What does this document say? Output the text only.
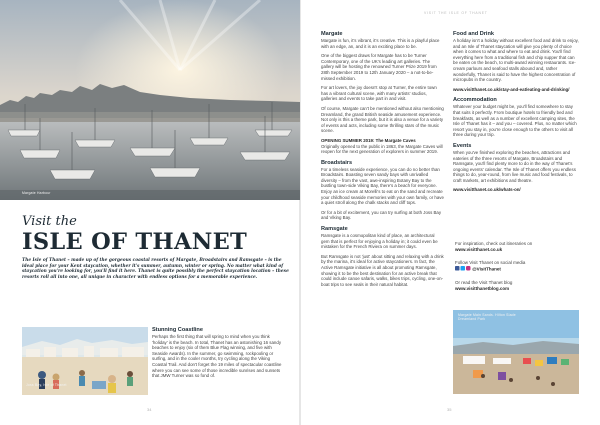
Margate Harbour
Visit the
ISLE OF THANET
The Isle of Thanet – made up of the gorgeous coastal resorts of Margate, Broadstairs and Ramsgate – is the ideal place for your Kent staycation, whether it's summer, autumn, winter or spring. No matter what kind of staycation you're looking for, you'll find it here. Thanet is quite possibly the perfect staycation location – these resorts roll all into one, all unique in character with endless options for a memorable experience.
Joss Bay, Isle of Thanet
Stunning Coastline
Perhaps the first thing that will spring to mind when you think 'holiday' is the beach. In total, Thanet has an astonishing 16 sandy beaches to enjoy (six of them Blue Flag winning, and five with Seaside Awards). In the summer, go swimming, rockpooling or surfing, and in the cooler months, try cycling along the Viking Coastal Trail. And don't forget the 19 miles of spectacular coastline where you can see some of those incredible sunrises and sunsets that JMW Turner was so fond of.
34
VISIT THE ISLE OF THANET
Margate
Margate is fun, it's vibrant, it's creative. This is a playful place with an edge, an, and it is an exciting place to be.
One of the biggest draws for Margate has to be Turner Contemporary, one of the UK's leading art galleries. The gallery will be hosting the renowned Turner Prize 2019 from 28th September 2019 to 12th January 2020 – a not-to-be-missed exhibition.
For art lovers, the joy doesn't stop at Turner, the entire town has a vibrant cultural scene, with many artists' studios, galleries and events to take part in and visit.
Of course, Margate can't be mentioned without also mentioning Dreamland, the grand British seaside amusement experience. Not only is this a theme park, but it is also a venue for a variety of events and acts, including some thrilling stars of the music scene.
OPENING SUMMER 2019: The Margate Caves
Originally opened to the public in 1863, the Margate Caves will reopen for the next generation of explorers in summer 2019.
Broadstairs
For a timeless seaside experience, you can do no better than Broadstairs. Boasting seven sandy bays with unrivalled diversity – from the vast, awe-inspiring Botany Bay to the bustling town-side Viking Bay, there's a beach for everyone. Enjoy an ice cream at Morelli's to eat on the sand and recreate your childhood seaside memories with your own family, or have a quiet stroll along the chalk stacks and cliff tops.
Or for a bit of excitement, you can try surfing at both Joss Bay and Viking Bay.
Ramsgate
Ramsgate is a cosmopolitan kind of place, an architectural gem that is perfect for enjoying a holiday in; it could even be mistaken for the French Riviera on summer days.
But Ramsgate is not 'just' about sitting and relaxing with a drink by the marina, it's ideal for active staycationers. In fact, the Active Ramsgate initiative is all about promoting Ramsgate, showing it to be the best destination for an active break that could include canoe safaris, walks, bikes trips, cycling, one-on-boat trips to see seals in their natural habitat.
Food and Drink
A holiday isn't a holiday without excellent food and drink to enjoy, and an Isle of Thanet staycation will give you plenty of choice when it comes to what and where to eat and drink. You'll find everything here from a traditional fish and chip supper that can be eaten on the beach, to multi-award winning restaurants. Ice-cream parlours and seafood stalls abound and, rather wonderfully, Thanet is said to have the highest concentration of micropubs in the country.
www.visitthanet.co.uk/stay-and-eat/eating-and-drinking/
Accommodation
Whatever your budget might be, you'll find somewhere to stay that suits it perfectly. From boutique hotels to friendly bed and breakfasts, as well as a number of excellent camping sites, the Isle of Thanet has it – and you – covered. Plus, no matter which resort you stay in, you're close enough to the others to visit all three during your trip.
Events
When you've finished exploring the beaches, attractions and eateries of the three resorts of Margate, Broadstairs and Ramsgate, you'll find plenty more to do in the way of Thanet's ongoing events' calendar. The Isle of Thanet offers you endless things to do, year-round, from live music and food festivals, to craft markets, art exhibitions and theatre.
www.visitthanet.co.uk/whats-on/
For inspiration, check out itineraries on
www.visitthanet.co.uk
Follow Visit Thanet on social media
@VisitThanet
Or read the Visit Thanet blog
www.visitthanetblog.com
Margate Main Sands. Hilton Slade Dreamland Park
35
